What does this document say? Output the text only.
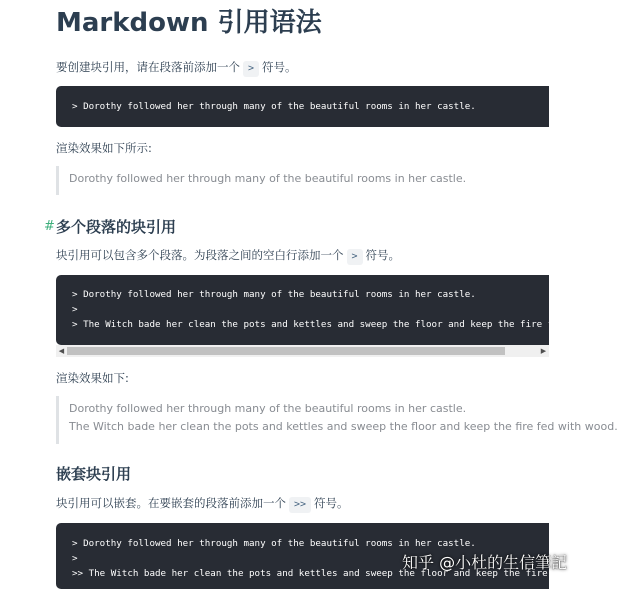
Markdown 引用语法
要创建块引用，请在段落前添加一个 > 符号。
> Dorothy followed her through many of the beautiful rooms in her castle.
渲染效果如下所示:
Dorothy followed her through many of the beautiful rooms in her castle.
# 多个段落的块引用
块引用可以包含多个段落。为段落之间的空白行添加一个 > 符号。
> Dorothy followed her through many of the beautiful rooms in her castle.
>
> The Witch bade her clean the pots and kettles and sweep the floor and keep the fire fed with w
◀	▶
渲染效果如下:
Dorothy followed her through many of the beautiful rooms in her castle.
The Witch bade her clean the pots and kettles and sweep the floor and keep the fire fed with wood.
嵌套块引用
块引用可以嵌套。在要嵌套的段落前添加一个 >> 符号。
> Dorothy followed her through many of the beautiful rooms in her castle.
>
>> The Witch bade her clean the pots and kettles and sweep the floor and keep the fire fed with
知乎 @小杜的生信筆記
